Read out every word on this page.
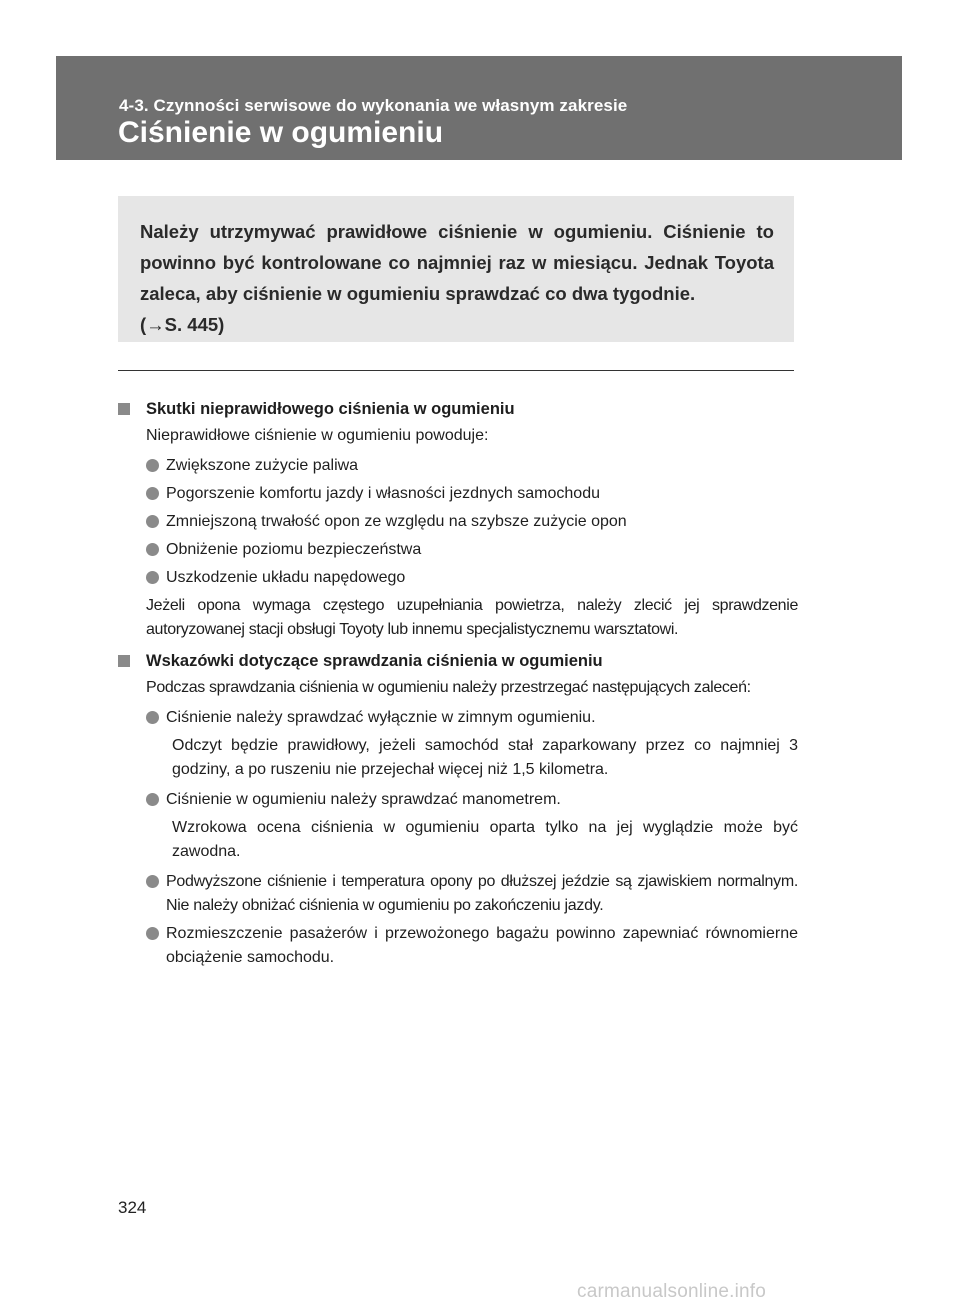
4-3. Czynności serwisowe do wykonania we własnym zakresie
Ciśnienie w ogumieniu

Należy utrzymywać prawidłowe ciśnienie w ogumieniu. Ciśnienie to powinno być kontrolowane co najmniej raz w miesiącu. Jednak Toyota zaleca, aby ciśnienie w ogumieniu sprawdzać co dwa tygodnie.
(→S. 445)

Skutki nieprawidłowego ciśnienia w ogumieniu
Nieprawidłowe ciśnienie w ogumieniu powoduje:
Zwiększone zużycie paliwa
Pogorszenie komfortu jazdy i własności jezdnych samochodu
Zmniejszoną trwałość opon ze względu na szybsze zużycie opon
Obniżenie poziomu bezpieczeństwa
Uszkodzenie układu napędowego
Jeżeli opona wymaga częstego uzupełniania powietrza, należy zlecić jej sprawdzenie autoryzowanej stacji obsługi Toyoty lub innemu specjalistycznemu warsztatowi.
Wskazówki dotyczące sprawdzania ciśnienia w ogumieniu
Podczas sprawdzania ciśnienia w ogumieniu należy przestrzegać następujących zaleceń:
Ciśnienie należy sprawdzać wyłącznie w zimnym ogumieniu.
Odczyt będzie prawidłowy, jeżeli samochód stał zaparkowany przez co najmniej 3 godziny, a po ruszeniu nie przejechał więcej niż 1,5 kilometra.
Ciśnienie w ogumieniu należy sprawdzać manometrem.
Wzrokowa ocena ciśnienia w ogumieniu oparta tylko na jej wyglądzie może być zawodna.
Podwyższone ciśnienie i temperatura opony po dłuższej jeździe są zjawiskiem normalnym. Nie należy obniżać ciśnienia w ogumieniu po zakończeniu jazdy.
Rozmieszczenie pasażerów i przewożonego bagażu powinno zapewniać równomierne obciążenie samochodu.
324
carmanualsonline.info
